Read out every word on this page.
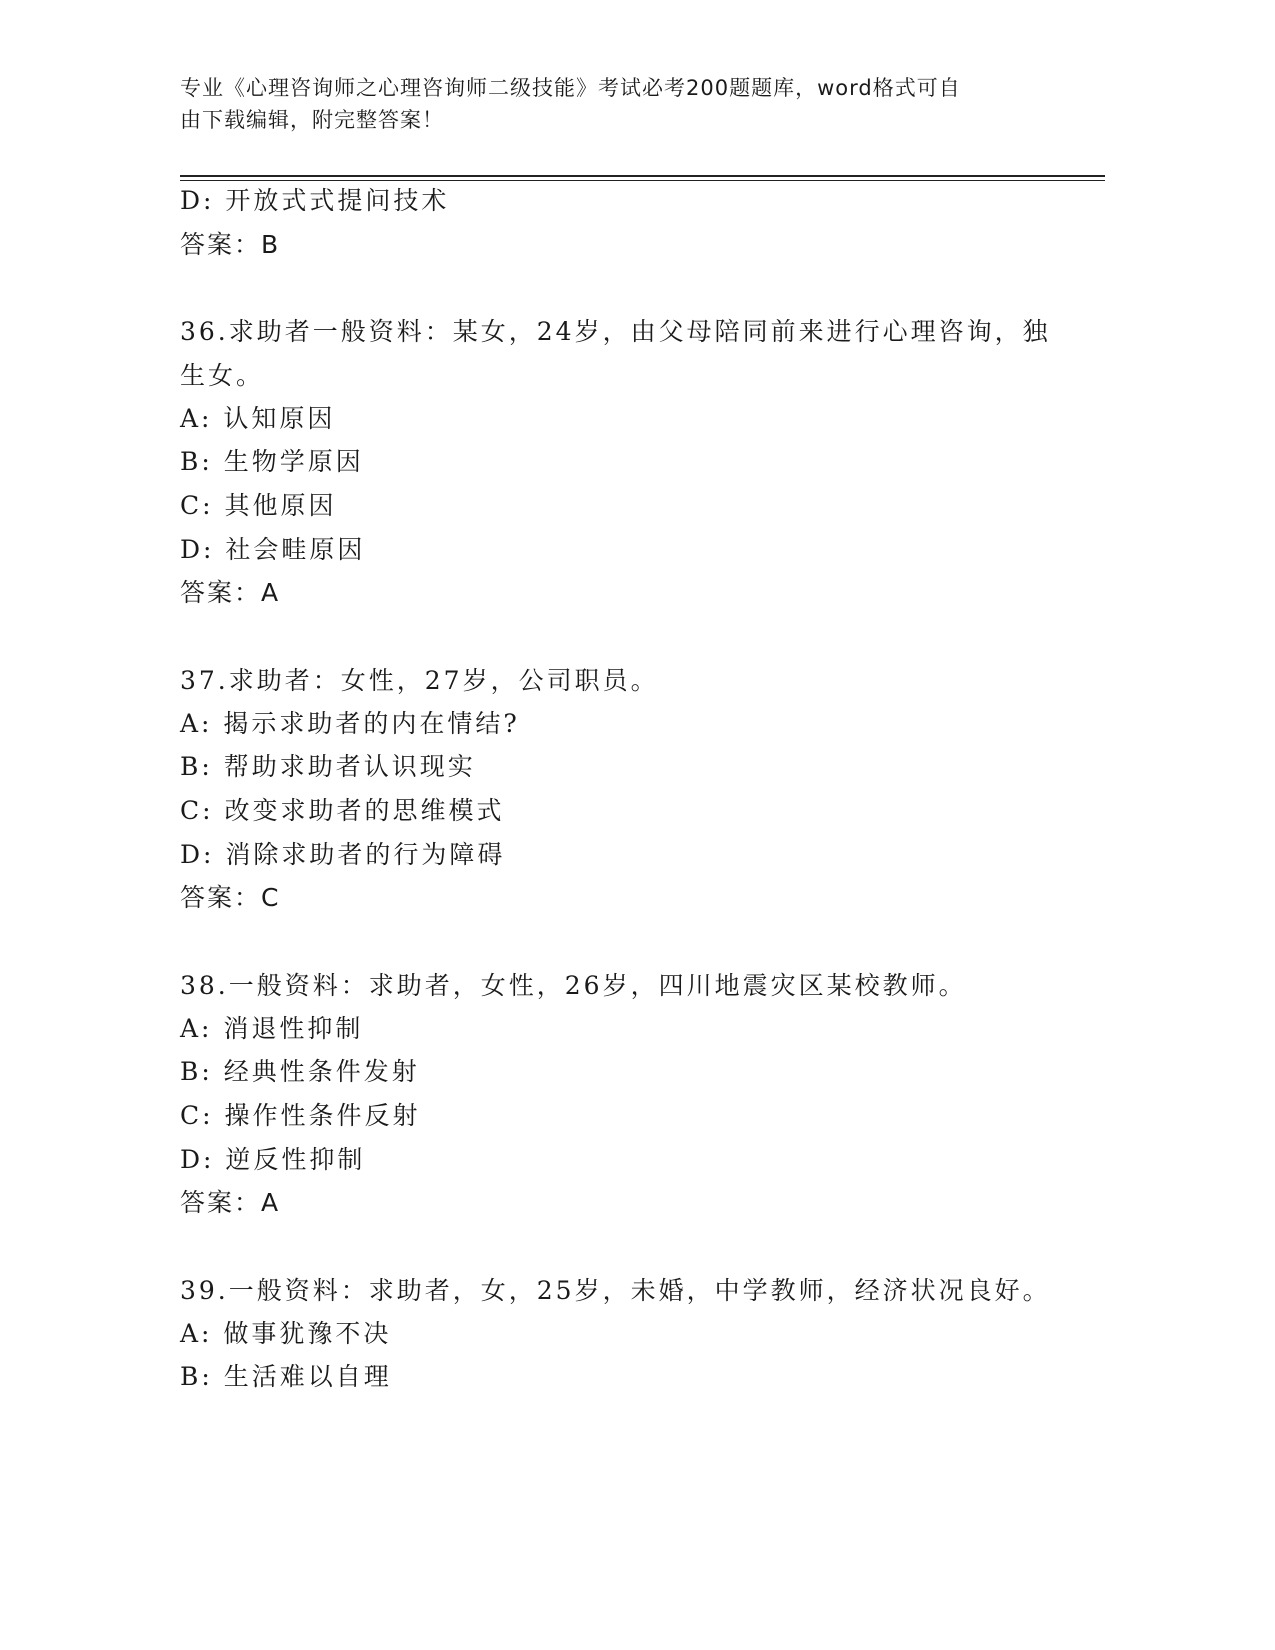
专业《心理咨询师之心理咨询师二级技能》考试必考200题题库，word格式可自
由下载编辑，附完整答案！
D: 开放式式提问技术
答案：B
36.求助者一般资料：某女，24岁，由父母陪同前来进行心理咨询，独
生女。
A: 认知原因
B: 生物学原因
C: 其他原因
D: 社会畦原因
答案：A
37.求助者：女性，27岁，公司职员。
A: 揭示求助者的内在情结?
B: 帮助求助者认识现实
C: 改变求助者的思维模式
D: 消除求助者的行为障碍
答案：C
38.一般资料：求助者，女性，26岁，四川地震灾区某校教师。
A: 消退性抑制
B: 经典性条件发射
C: 操作性条件反射
D: 逆反性抑制
答案：A
39.一般资料：求助者，女，25岁，未婚，中学教师，经济状况良好。
A: 做事犹豫不决
B: 生活难以自理
